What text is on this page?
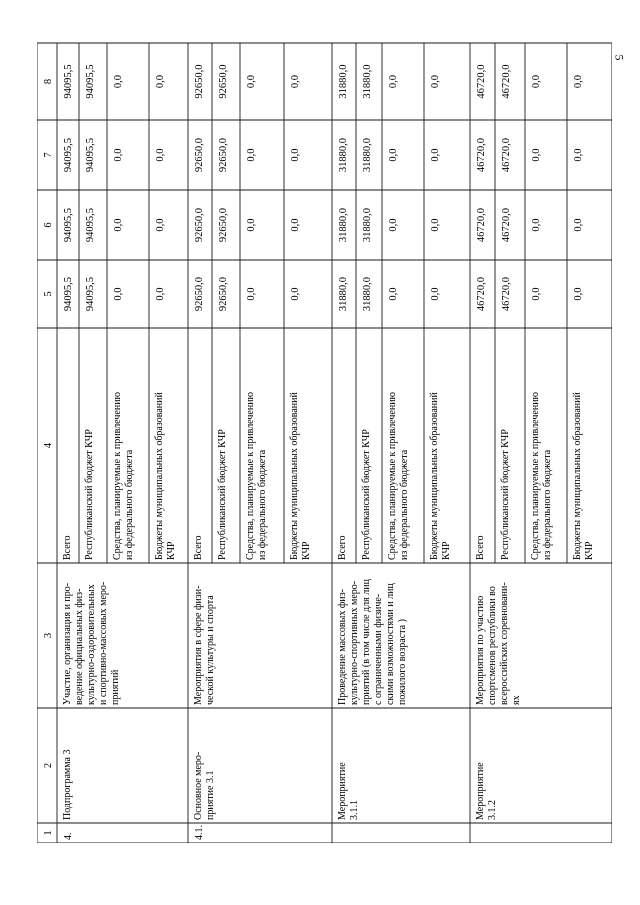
5
1
2
3
4
5
6
7
8
4.
Подпрограмма 3
Участие, организация и про- ведение официальных физ- культурно-оздоровительных и спортивно-массовых меро- приятий
Всего
94095,5
94095,5
94095,5
94095,5
Республиканский бюджет КЧР
94095,5
94095,5
94095,5
94095,5
Средства, планируемые к привлечению из федерального бюджета
0,0
0,0
0,0
0,0
Бюджеты муниципальных образований КЧР
0,0
0,0
0,0
0,0
4.1.
Основное меро- приятие 3.1
Мероприятия в сфере физи- ческой культуры и спорта
Всего
92650,0
92650,0
92650,0
92650,0
Республиканский бюджет КЧР
92650,0
92650,0
92650,0
92650,0
Средства, планируемые к привлечению из федерального бюджета
0,0
0,0
0,0
0,0
Бюджеты муниципальных образований КЧР
0,0
0,0
0,0
0,0
Мероприятие 3.1.1
Проведение массовых физ- культурно-спортивных меро- приятий (в том числе для лиц с ограниченными физиче- скими возможностями и лиц пожилого возраста )
Всего
31880,0
31880,0
31880,0
31880,0
Республиканский бюджет КЧР
31880,0
31880,0
31880,0
31880,0
Средства, планируемые к привлечению из федерального бюджета
0,0
0,0
0,0
0,0
Бюджеты муниципальных образований КЧР
0,0
0,0
0,0
0,0
Мероприятие 3.1.2
Мероприятия по участию спортсменов республики во всероссийских соревновани- ях
Всего
46720,0
46720,0
46720,0
46720,0
Республиканский бюджет КЧР
46720,0
46720,0
46720,0
46720,0
Средства, планируемые к привлечению из федерального бюджета
0,0
0,0
0,0
0,0
Бюджеты муниципальных образований КЧР
0,0
0,0
0,0
0,0
